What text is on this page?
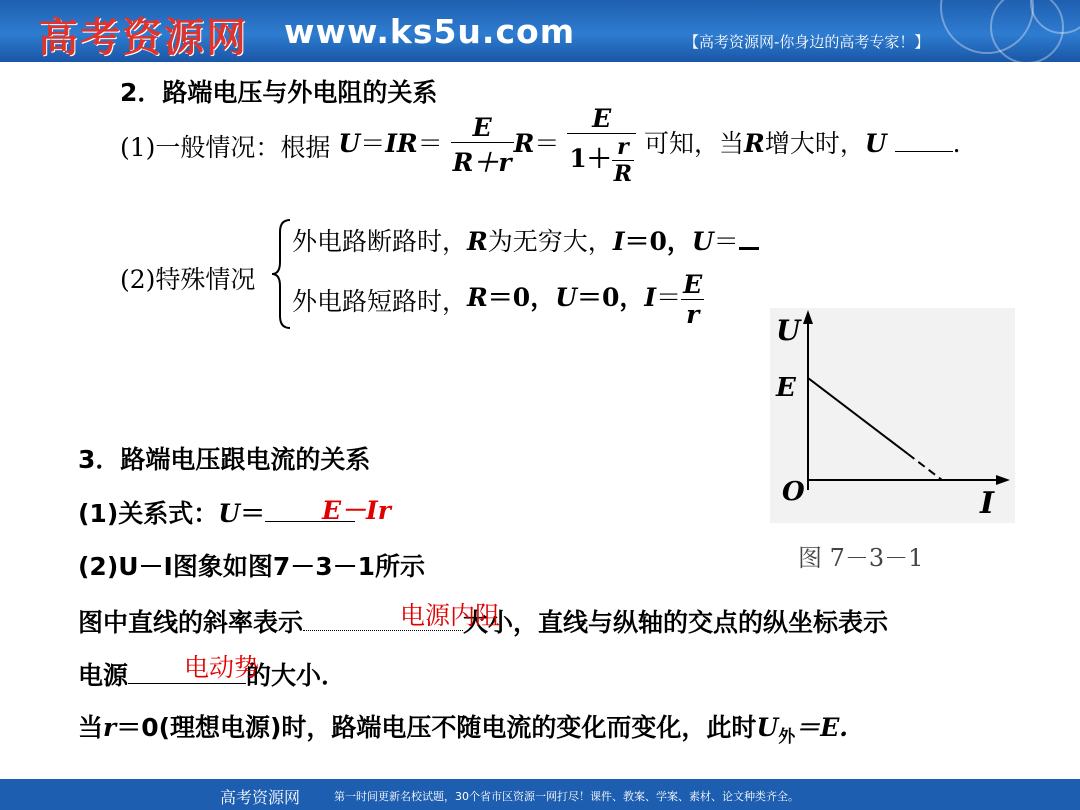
高考资源网 www.ks5u.com	【高考资源网-你身边的高考专家！】
2．路端电压与外电阻的关系
(1)一般情况：根据 $U=IR= \frac{E}{R+r} R= \frac{E}{1+ \frac{r}{R}}$ 可知，当R增大时，U	.
(2)特殊情况
外电路断路时，R为无穷大，I＝0，U＝
外电路短路时，R＝0，U＝0，$I= \frac{E}{r}$
U
E
O	I
图 7－3－1
3．路端电压跟电流的关系
(1)关系式：U＝	E－Ir
(2)U－I图象如图7－3－1所示
图中直线的斜率表示	大小，直线与纵轴的交点的纵坐标表示
电源内阻
电源	的大小．
电动势
当r＝0(理想电源)时，路端电压不随电流的变化而变化，此时$U_外=E$.
高考资源网	第一时间更新名校试题，30个省市区资源一网打尽！课件、教案、学案、素材、论文种类齐全。
